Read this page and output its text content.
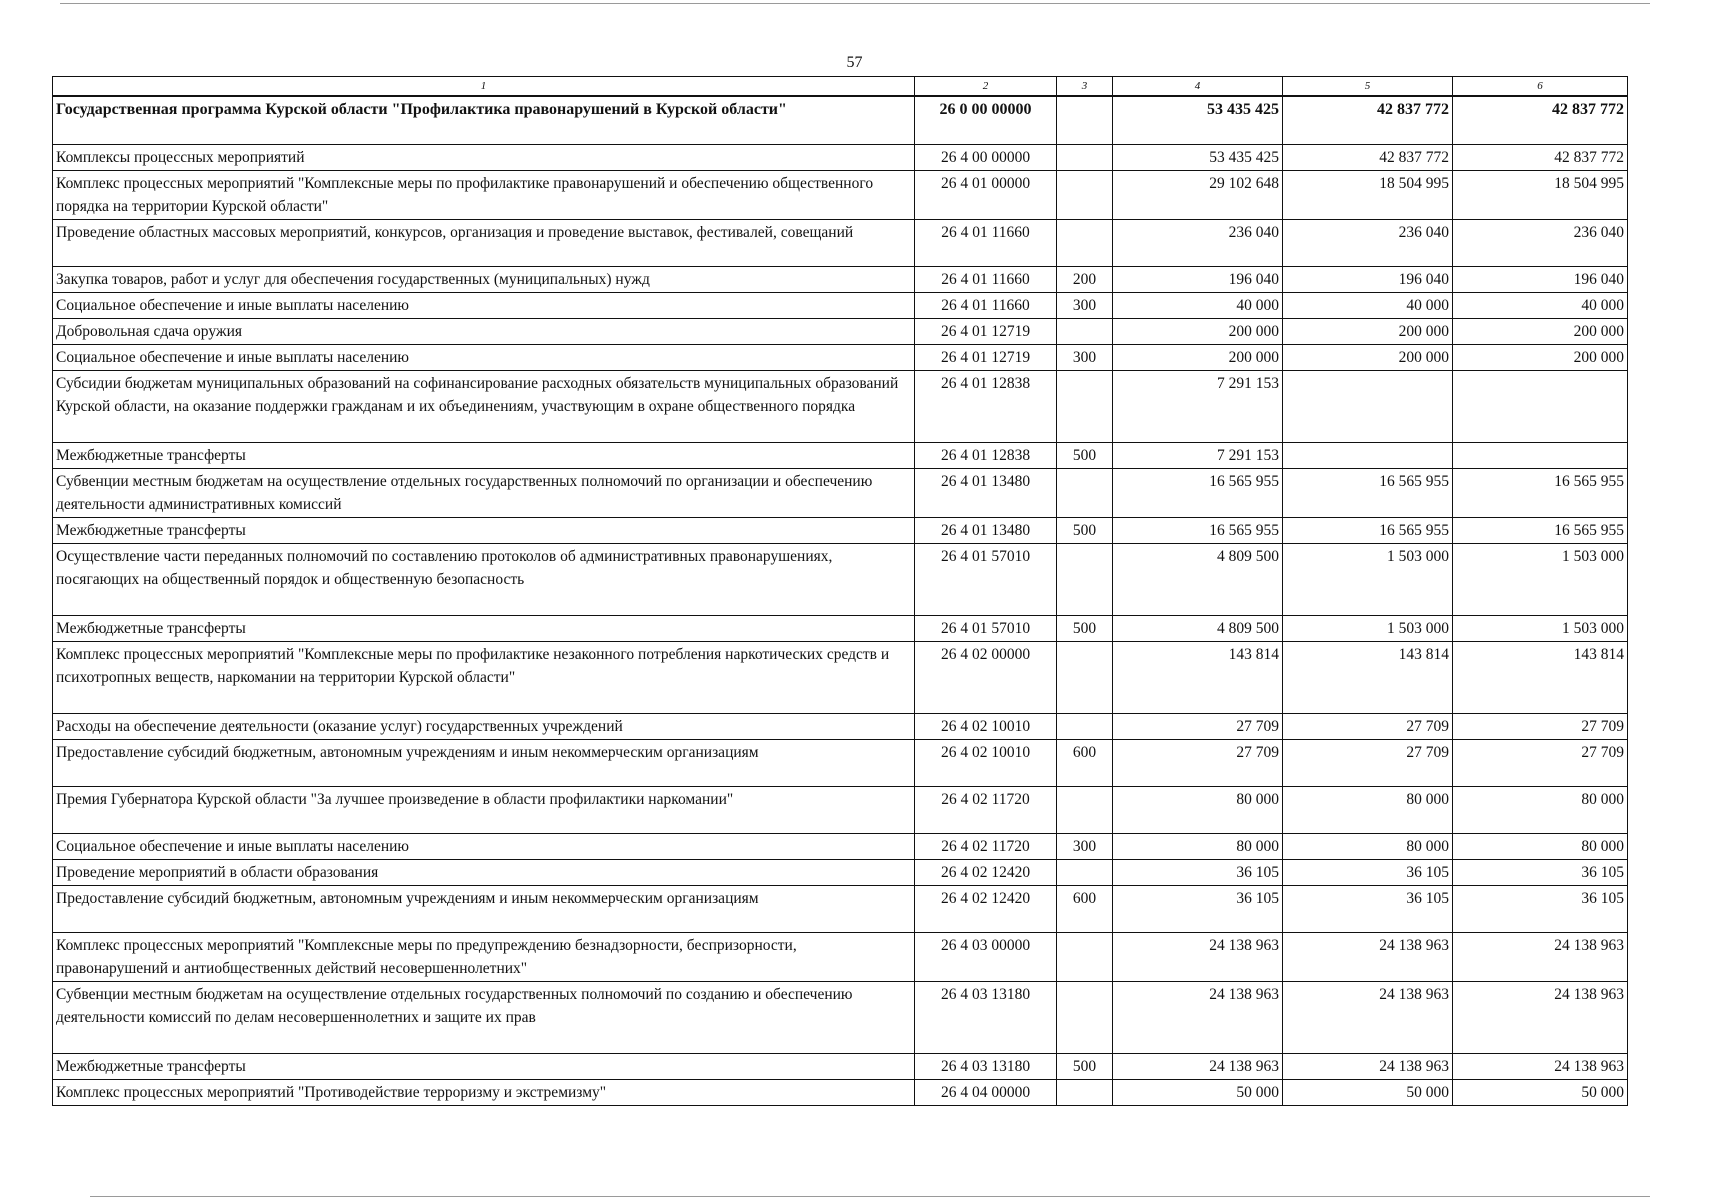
57
1	2	3	4	5	6
Государственная программа Курской области "Профилактика правонарушений в Курской области"	26 0 00 00000		53 435 425	42 837 772	42 837 772
Комплексы процессных мероприятий	26 4 00 00000		53 435 425	42 837 772	42 837 772
Комплекс процессных мероприятий "Комплексные меры по профилактике правонарушений и обеспечению общественного порядка на территории Курской области"	26 4 01 00000		29 102 648	18 504 995	18 504 995
Проведение областных массовых мероприятий, конкурсов, организация и проведение выставок, фестивалей, совещаний	26 4 01 11660		236 040	236 040	236 040
Закупка товаров, работ и услуг для обеспечения государственных (муниципальных) нужд	26 4 01 11660	200	196 040	196 040	196 040
Социальное обеспечение и иные выплаты населению	26 4 01 11660	300	40 000	40 000	40 000
Добровольная сдача оружия	26 4 01 12719		200 000	200 000	200 000
Социальное обеспечение и иные выплаты населению	26 4 01 12719	300	200 000	200 000	200 000
Субсидии бюджетам муниципальных образований на софинансирование расходных обязательств муниципальных образований Курской области, на оказание поддержки гражданам и их объединениям, участвующим в охране общественного порядка	26 4 01 12838		7 291 153		
Межбюджетные трансферты	26 4 01 12838	500	7 291 153		
Субвенции местным бюджетам на осуществление отдельных государственных полномочий по организации и обеспечению деятельности административных комиссий	26 4 01 13480		16 565 955	16 565 955	16 565 955
Межбюджетные трансферты	26 4 01 13480	500	16 565 955	16 565 955	16 565 955
Осуществление части переданных полномочий по составлению протоколов об административных правонарушениях, посягающих на общественный порядок и общественную безопасность	26 4 01 57010		4 809 500	1 503 000	1 503 000
Межбюджетные трансферты	26 4 01 57010	500	4 809 500	1 503 000	1 503 000
Комплекс процессных мероприятий "Комплексные меры по профилактике незаконного потребления наркотических средств и психотропных веществ, наркомании на территории Курской области"	26 4 02 00000		143 814	143 814	143 814
Расходы на обеспечение деятельности (оказание услуг) государственных учреждений	26 4 02 10010		27 709	27 709	27 709
Предоставление субсидий бюджетным, автономным учреждениям и иным некоммерческим организациям	26 4 02 10010	600	27 709	27 709	27 709
Премия Губернатора Курской области "За лучшее произведение в области профилактики наркомании"	26 4 02 11720		80 000	80 000	80 000
Социальное обеспечение и иные выплаты населению	26 4 02 11720	300	80 000	80 000	80 000
Проведение мероприятий в области образования	26 4 02 12420		36 105	36 105	36 105
Предоставление субсидий бюджетным, автономным учреждениям и иным некоммерческим организациям	26 4 02 12420	600	36 105	36 105	36 105
Комплекс процессных мероприятий "Комплексные меры по предупреждению безнадзорности, беспризорности, правонарушений и антиобщественных действий несовершеннолетних"	26 4 03 00000		24 138 963	24 138 963	24 138 963
Субвенции местным бюджетам на осуществление отдельных государственных полномочий по созданию и обеспечению деятельности комиссий по делам несовершеннолетних и защите их прав	26 4 03 13180		24 138 963	24 138 963	24 138 963
Межбюджетные трансферты	26 4 03 13180	500	24 138 963	24 138 963	24 138 963
Комплекс процессных мероприятий "Противодействие терроризму и экстремизму"	26 4 04 00000		50 000	50 000	50 000
